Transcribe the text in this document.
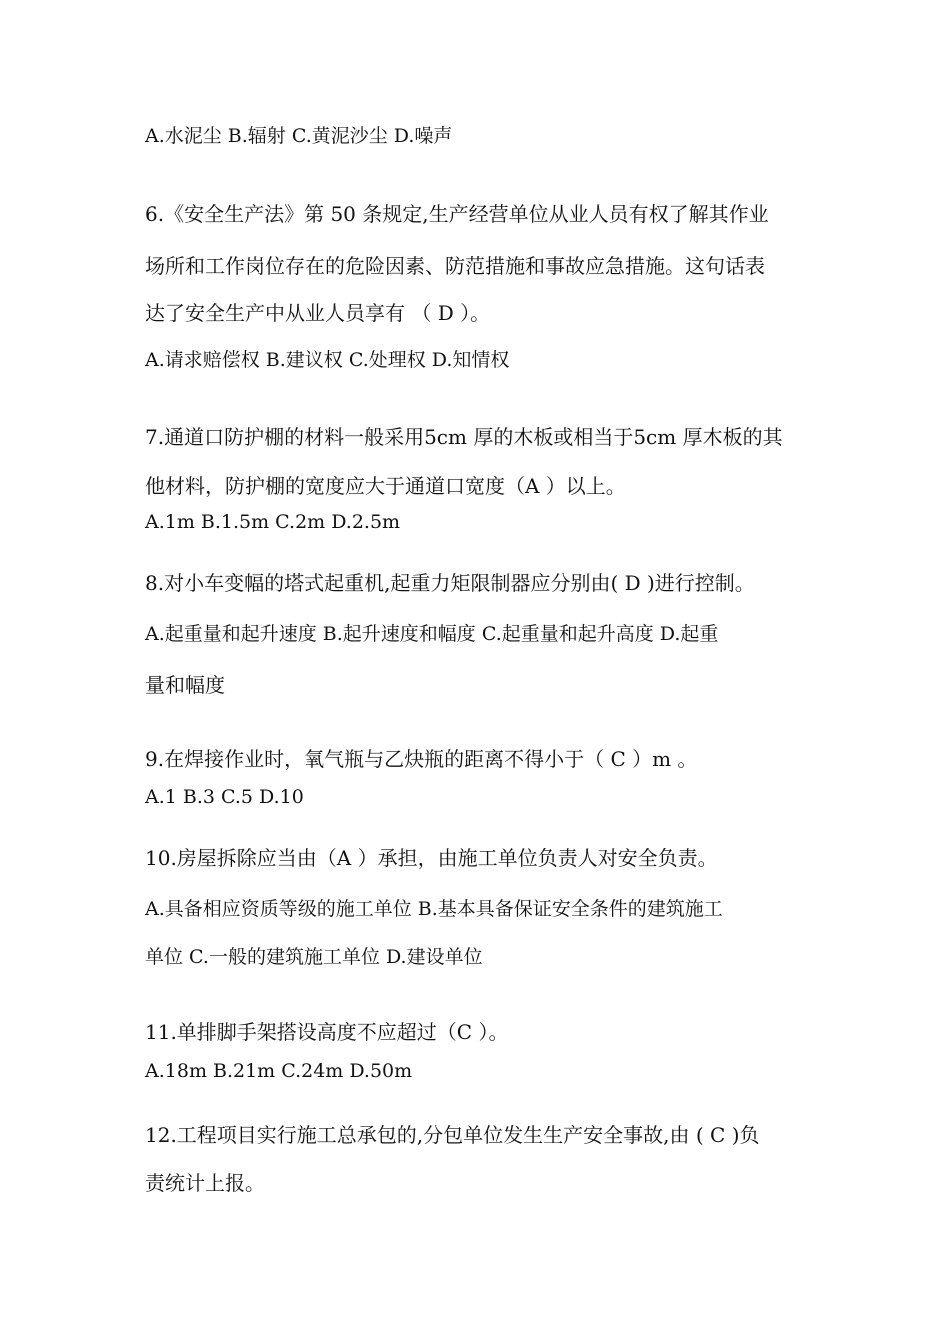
A.水泥尘 B.辐射 C.黄泥沙尘 D.噪声
6.《安全生产法》第 50 条规定,生产经营单位从业人员有权了解其作业
场所和工作岗位存在的危险因素、防范措施和事故应急措施。这句话表
达了安全生产中从业人员享有 （ D ）。
A.请求赔偿权 B.建议权 C.处理权 D.知情权
7.通道口防护棚的材料一般采用5cm 厚的木板或相当于5cm 厚木板的其
他材料，防护棚的宽度应大于通道口宽度（A ）以上。
A.1m B.1.5m C.2m D.2.5m
8.对小车变幅的塔式起重机,起重力矩限制器应分别由( D )进行控制。
A.起重量和起升速度 B.起升速度和幅度 C.起重量和起升高度 D.起重
量和幅度
9.在焊接作业时，氧气瓶与乙炔瓶的距离不得小于（ C ）m 。
A.1 B.3 C.5 D.10
10.房屋拆除应当由（A ）承担，由施工单位负责人对安全负责。
A.具备相应资质等级的施工单位 B.基本具备保证安全条件的建筑施工
单位 C.一般的建筑施工单位 D.建设单位
11.单排脚手架搭设高度不应超过（C ）。
A.18m B.21m C.24m D.50m
12.工程项目实行施工总承包的,分包单位发生生产安全事故,由 ( C )负
责统计上报。
